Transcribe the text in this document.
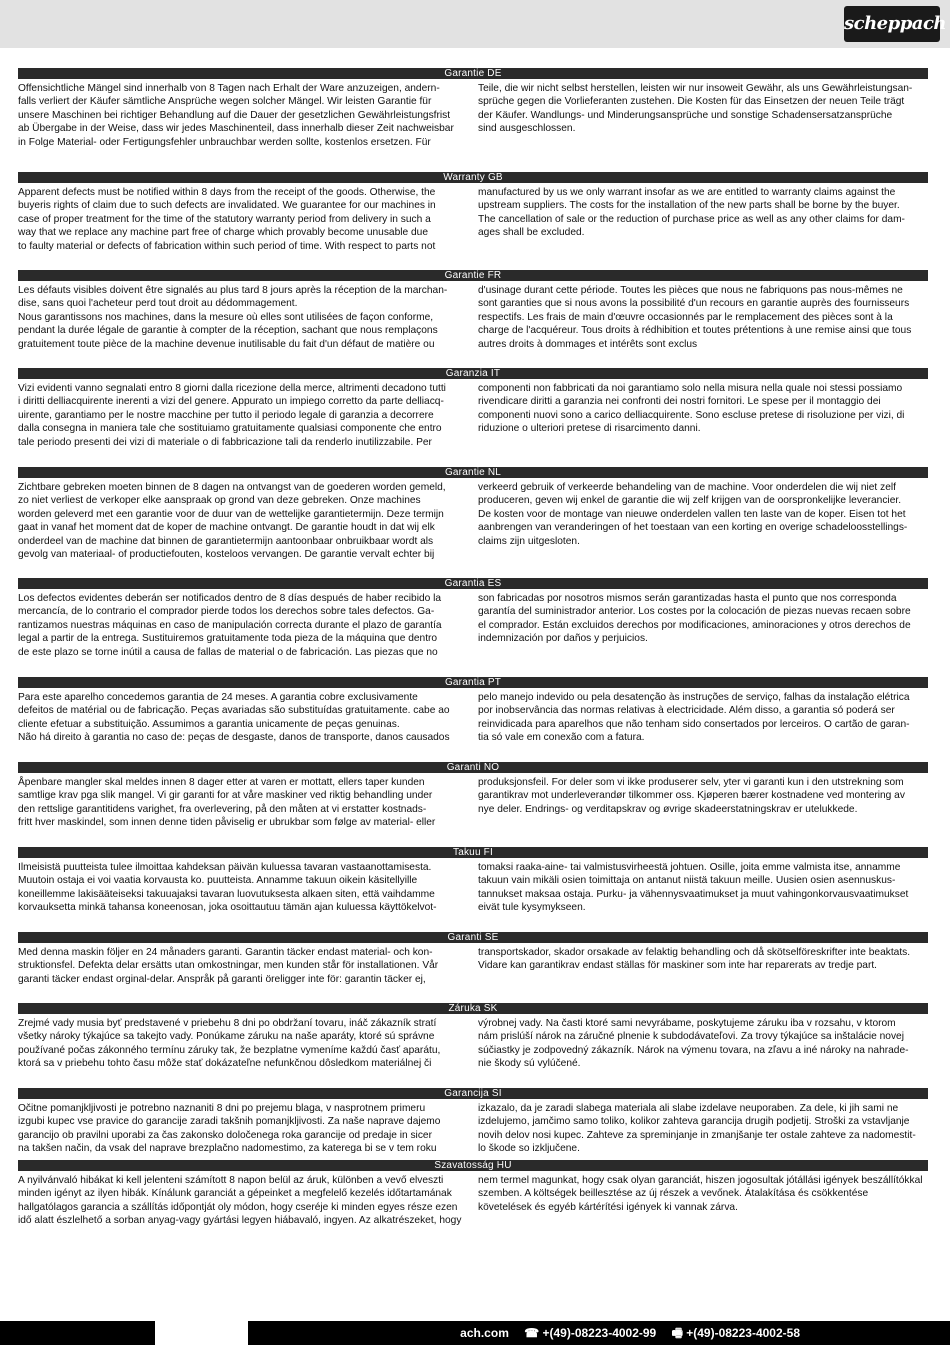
scheppach
Garantie DE
Offensichtliche Mängel sind innerhalb von 8 Tagen nach Erhalt der Ware anzuzeigen, andern-
falls verliert der Käufer sämtliche Ansprüche wegen solcher Mängel. Wir leisten Garantie für
unsere Maschinen bei richtiger Behandlung auf die Dauer der gesetzlichen Gewährleistungsfrist
ab Übergabe in der Weise, dass wir jedes Maschinenteil, dass innerhalb dieser Zeit nachweisbar
in Folge Material- oder Fertigungsfehler unbrauchbar werden sollte, kostenlos ersetzen. Für
Teile, die wir nicht selbst herstellen, leisten wir nur insoweit Gewähr, als uns Gewährleistungsan-
sprüche gegen die Vorlieferanten zustehen. Die Kosten für das Einsetzen der neuen Teile trägt
der Käufer. Wandlungs- und Minderungsansprüche und sonstige Schadensersatzansprüche
sind ausgeschlossen.
Warranty GB
Apparent defects must be notified within 8 days from the receipt of the goods. Otherwise, the
buyeris rights of claim due to such defects are invalidated. We guarantee for our machines in
case of proper treatment for the time of the statutory warranty period from delivery in such a
way that we replace any machine part free of charge which provably become unusable due
to faulty material or defects of fabrication within such period of time. With respect to parts not
manufactured by us we only warrant insofar as we are entitled to warranty claims against the
upstream suppliers. The costs for the installation of the new parts shall be borne by the buyer.
The cancellation of sale or the reduction of purchase price as well as any other claims for dam-
ages shall be excluded.
Garantie FR
Les défauts visibles doivent être signalés au plus tard 8 jours après la réception de la marchan-
dise, sans quoi l'acheteur perd tout droit au dédommagement.
Nous garantissons nos machines, dans la mesure où elles sont utilisées de façon conforme,
pendant la durée légale de garantie à compter de la réception, sachant que nous remplaçons
gratuitement toute pièce de la machine devenue inutilisable du fait d'un défaut de matière ou
d'usinage durant cette période. Toutes les pièces que nous ne fabriquons pas nous-mêmes ne
sont garanties que si nous avons la possibilité d'un recours en garantie auprès des fournisseurs
respectifs. Les frais de main d'œuvre occasionnés par le remplacement des pièces sont à la
charge de l'acquéreur. Tous droits à rédhibition et toutes prétentions à une remise ainsi que tous
autres droits à dommages et intérêts sont exclus
Garanzia IT
Vizi evidenti vanno segnalati entro 8 giorni dalla ricezione della merce, altrimenti decadono tutti
i diritti delliacquirente inerenti a vizi del genere. Appurato un impiego corretto da parte delliacq-
uirente, garantiamo per le nostre macchine per tutto il periodo legale di garanzia a decorrere
dalla consegna in maniera tale che sostituiamo gratuitamente qualsiasi componente che entro
tale periodo presenti dei vizi di materiale o di fabbricazione tali da renderlo inutilizzabile. Per
componenti non fabbricati da noi garantiamo solo nella misura nella quale noi stessi possiamo
rivendicare diritti a garanzia nei confronti dei nostri fornitori. Le spese per il montaggio dei
componenti nuovi sono a carico delliacquirente. Sono escluse pretese di risoluzione per vizi, di
riduzione o ulteriori pretese di risarcimento danni.
Garantie NL
Zichtbare gebreken moeten binnen de 8 dagen na ontvangst van de goederen worden gemeld,
zo niet verliest de verkoper elke aanspraak op grond van deze gebreken. Onze machines
worden geleverd met een garantie voor de duur van de wettelijke garantietermijn. Deze termijn
gaat in vanaf het moment dat de koper de machine ontvangt. De garantie houdt in dat wij elk
onderdeel van de machine dat binnen de garantietermijn aantoonbaar onbruikbaar wordt als
gevolg van materiaal- of productiefouten, kosteloos vervangen. De garantie vervalt echter bij
verkeerd gebruik of verkeerde behandeling van de machine. Voor onderdelen die wij niet zelf
produceren, geven wij enkel de garantie die wij zelf krijgen van de oorspronkelijke leverancier.
De kosten voor de montage van nieuwe onderdelen vallen ten laste van de koper. Eisen tot het
aanbrengen van veranderingen of het toestaan van een korting en overige schadeloosstellings-
claims zijn uitgesloten.
Garantia ES
Los defectos evidentes deberán ser notificados dentro de 8 días después de haber recibido la
mercancía, de lo contrario el comprador pierde todos los derechos sobre tales defectos. Ga-
rantizamos nuestras máquinas en caso de manipulación correcta durante el plazo de garantía
legal a partir de la entrega. Sustituiremos gratuitamente toda pieza de la máquina que dentro
de este plazo se torne inútil a causa de fallas de material o de fabricación. Las piezas que no
son fabricadas por nosotros mismos serán garantizadas hasta el punto que nos corresponda
garantía del suministrador anterior. Los costes por la colocación de piezas nuevas recaen sobre
el comprador. Están excluidos derechos por modificaciones, aminoraciones y otros derechos de
indemnización por daños y perjuicios.
Garantia PT
Para este aparelho concedemos garantia de 24 meses. A garantia cobre exclusivamente
defeitos de matérial ou de fabricação. Peças avariadas são substituídas gratuitamente. cabe ao
cliente efetuar a substituição. Assumimos a garantia unicamente de peças genuinas.
Não há direito à garantia no caso de: peças de desgaste, danos de transporte, danos causados
pelo manejo indevido ou pela desatenção às instruções de serviço, falhas da instalação elétrica
por inobservância das normas relativas à electricidade. Além disso, a garantia só poderá ser
reinvidicada para aparelhos que não tenham sido consertados por lerceiros. O cartão de garan-
tia só vale em conexão com a fatura.
Garanti NO
Åpenbare mangler skal meldes innen 8 dager etter at varen er mottatt, ellers taper kunden
samtlige krav pga slik mangel. Vi gir garanti for at våre maskiner ved riktig behandling under
den rettslige garantitidens varighet, fra overlevering, på den måten at vi erstatter kostnads-
fritt hver maskindel, som innen denne tiden påviselig er ubrukbar som følge av material- eller
produksjonsfeil. For deler som vi ikke produserer selv, yter vi garanti kun i den utstrekning som
garantikrav mot underleverandør tilkommer oss. Kjøperen bærer kostnadene ved montering av
nye deler. Endrings- og verditapskrav og øvrige skadeerstatningskrav er utelukkede.
Takuu FI
Ilmeisistä puutteista tulee ilmoittaa kahdeksan päivän kuluessa tavaran vastaanottamisesta.
Muutoin ostaja ei voi vaatia korvausta ko. puutteista. Annamme takuun oikein käsitellyille
koneillemme lakisääteiseksi takuuajaksi tavaran luovutuksesta alkaen siten, että vaihdamme
korvauksetta minkä tahansa koneenosan, joka osoittautuu tämän ajan kuluessa käyttökelvot-
tomaksi raaka-aine- tai valmistusvirheestä johtuen. Osille, joita emme valmista itse, annamme
takuun vain mikäli osien toimittaja on antanut niistä takuun meille. Uusien osien asennuskus-
tannukset maksaa ostaja. Purku- ja vähennysvaatimukset ja muut vahingonkorvausvaatimukset
eivät tule kysymykseen.
Garanti SE
Med denna maskin följer en 24 månaders garanti. Garantin täcker endast material- och kon-
struktionsfel. Defekta delar ersätts utan omkostningar, men kunden står för installationen. Vår
garanti täcker endast orginal-delar. Anspråk på garanti öreligger inte för: garantin täcker ej,
transportskador, skador orsakade av felaktig behandling och då skötselföreskrifter inte beaktats.
Vidare kan garantikrav endast ställas för maskiner som inte har reparerats av tredje part.
Záruka SK
Zrejmé vady musia byť predstavené v priebehu 8 dni po obdržaní tovaru, ináč zákazník stratí
všetky nároky týkajúce sa takejto vady. Ponúkame záruku na naše aparáty, ktoré sú správne
používané počas zákonného termínu záruky tak, že bezplatne vymeníme každú časť aparátu,
ktorá sa v priebehu tohto času môže stať dokázateľne nefunkčnou dôsledkom materiálnej či
výrobnej vady. Na časti ktoré sami nevyrábame, poskytujeme záruku iba v rozsahu, v ktorom
nám prislúší nárok na záručné plnenie k subdodávateľovi. Za trovy týkajúce sa inštalácie novej
súčiastky je zodpovedný zákazník. Nárok na výmenu tovara, na zľavu a iné nároky na nahrade-
nie škody sú vylúčené.
Garancija SI
Očitne pomanjkljivosti je potrebno naznaniti 8 dni po prejemu blaga, v nasprotnem primeru
izgubi kupec vse pravice do garancije zaradi takšnih pomanjkljivosti. Za naše naprave dajemo
garancijo ob pravilni uporabi za čas zakonsko določenega roka garancije od predaje in sicer
na takšen način, da vsak del naprave brezplačno nadomestimo, za katerega bi se v tem roku
izkazalo, da je zaradi slabega materiala ali slabe izdelave neuporaben. Za dele, ki jih sami ne
izdelujemo, jamčimo samo toliko, kolikor zahteva garancija drugih podjetij. Stroški za vstavljanje
novih delov nosi kupec. Zahteve za spreminjanje in zmanjšanje ter ostale zahteve za nadomestit-
lo škode so izključene.
Szavatosság HU
A nyilvánvaló hibákat ki kell jelenteni számított 8 napon belül az áruk, különben a vevő elveszti
minden igényt az ilyen hibák. Kínálunk garanciát a gépeinket a megfelelő kezelés időtartamának
hallgatólagos garancia a szállítás időpontját oly módon, hogy cseréje ki minden egyes része ezen
idő alatt észlelhető a sorban anyag-vagy gyártási legyen hiábavaló, ingyen. Az alkatrészeket, hogy
nem termel magunkat, hogy csak olyan garanciát, hiszen jogosultak jótállási igények beszállítókkal
szemben. A költségek beillesztése az új részek a vevőnek. Átalakítása és csökkentése
követelések és egyéb kártérítési igények ki vannak zárva.
ach.com ☎ +(49)-08223-4002-99 🖷 +(49)-08223-4002-58
